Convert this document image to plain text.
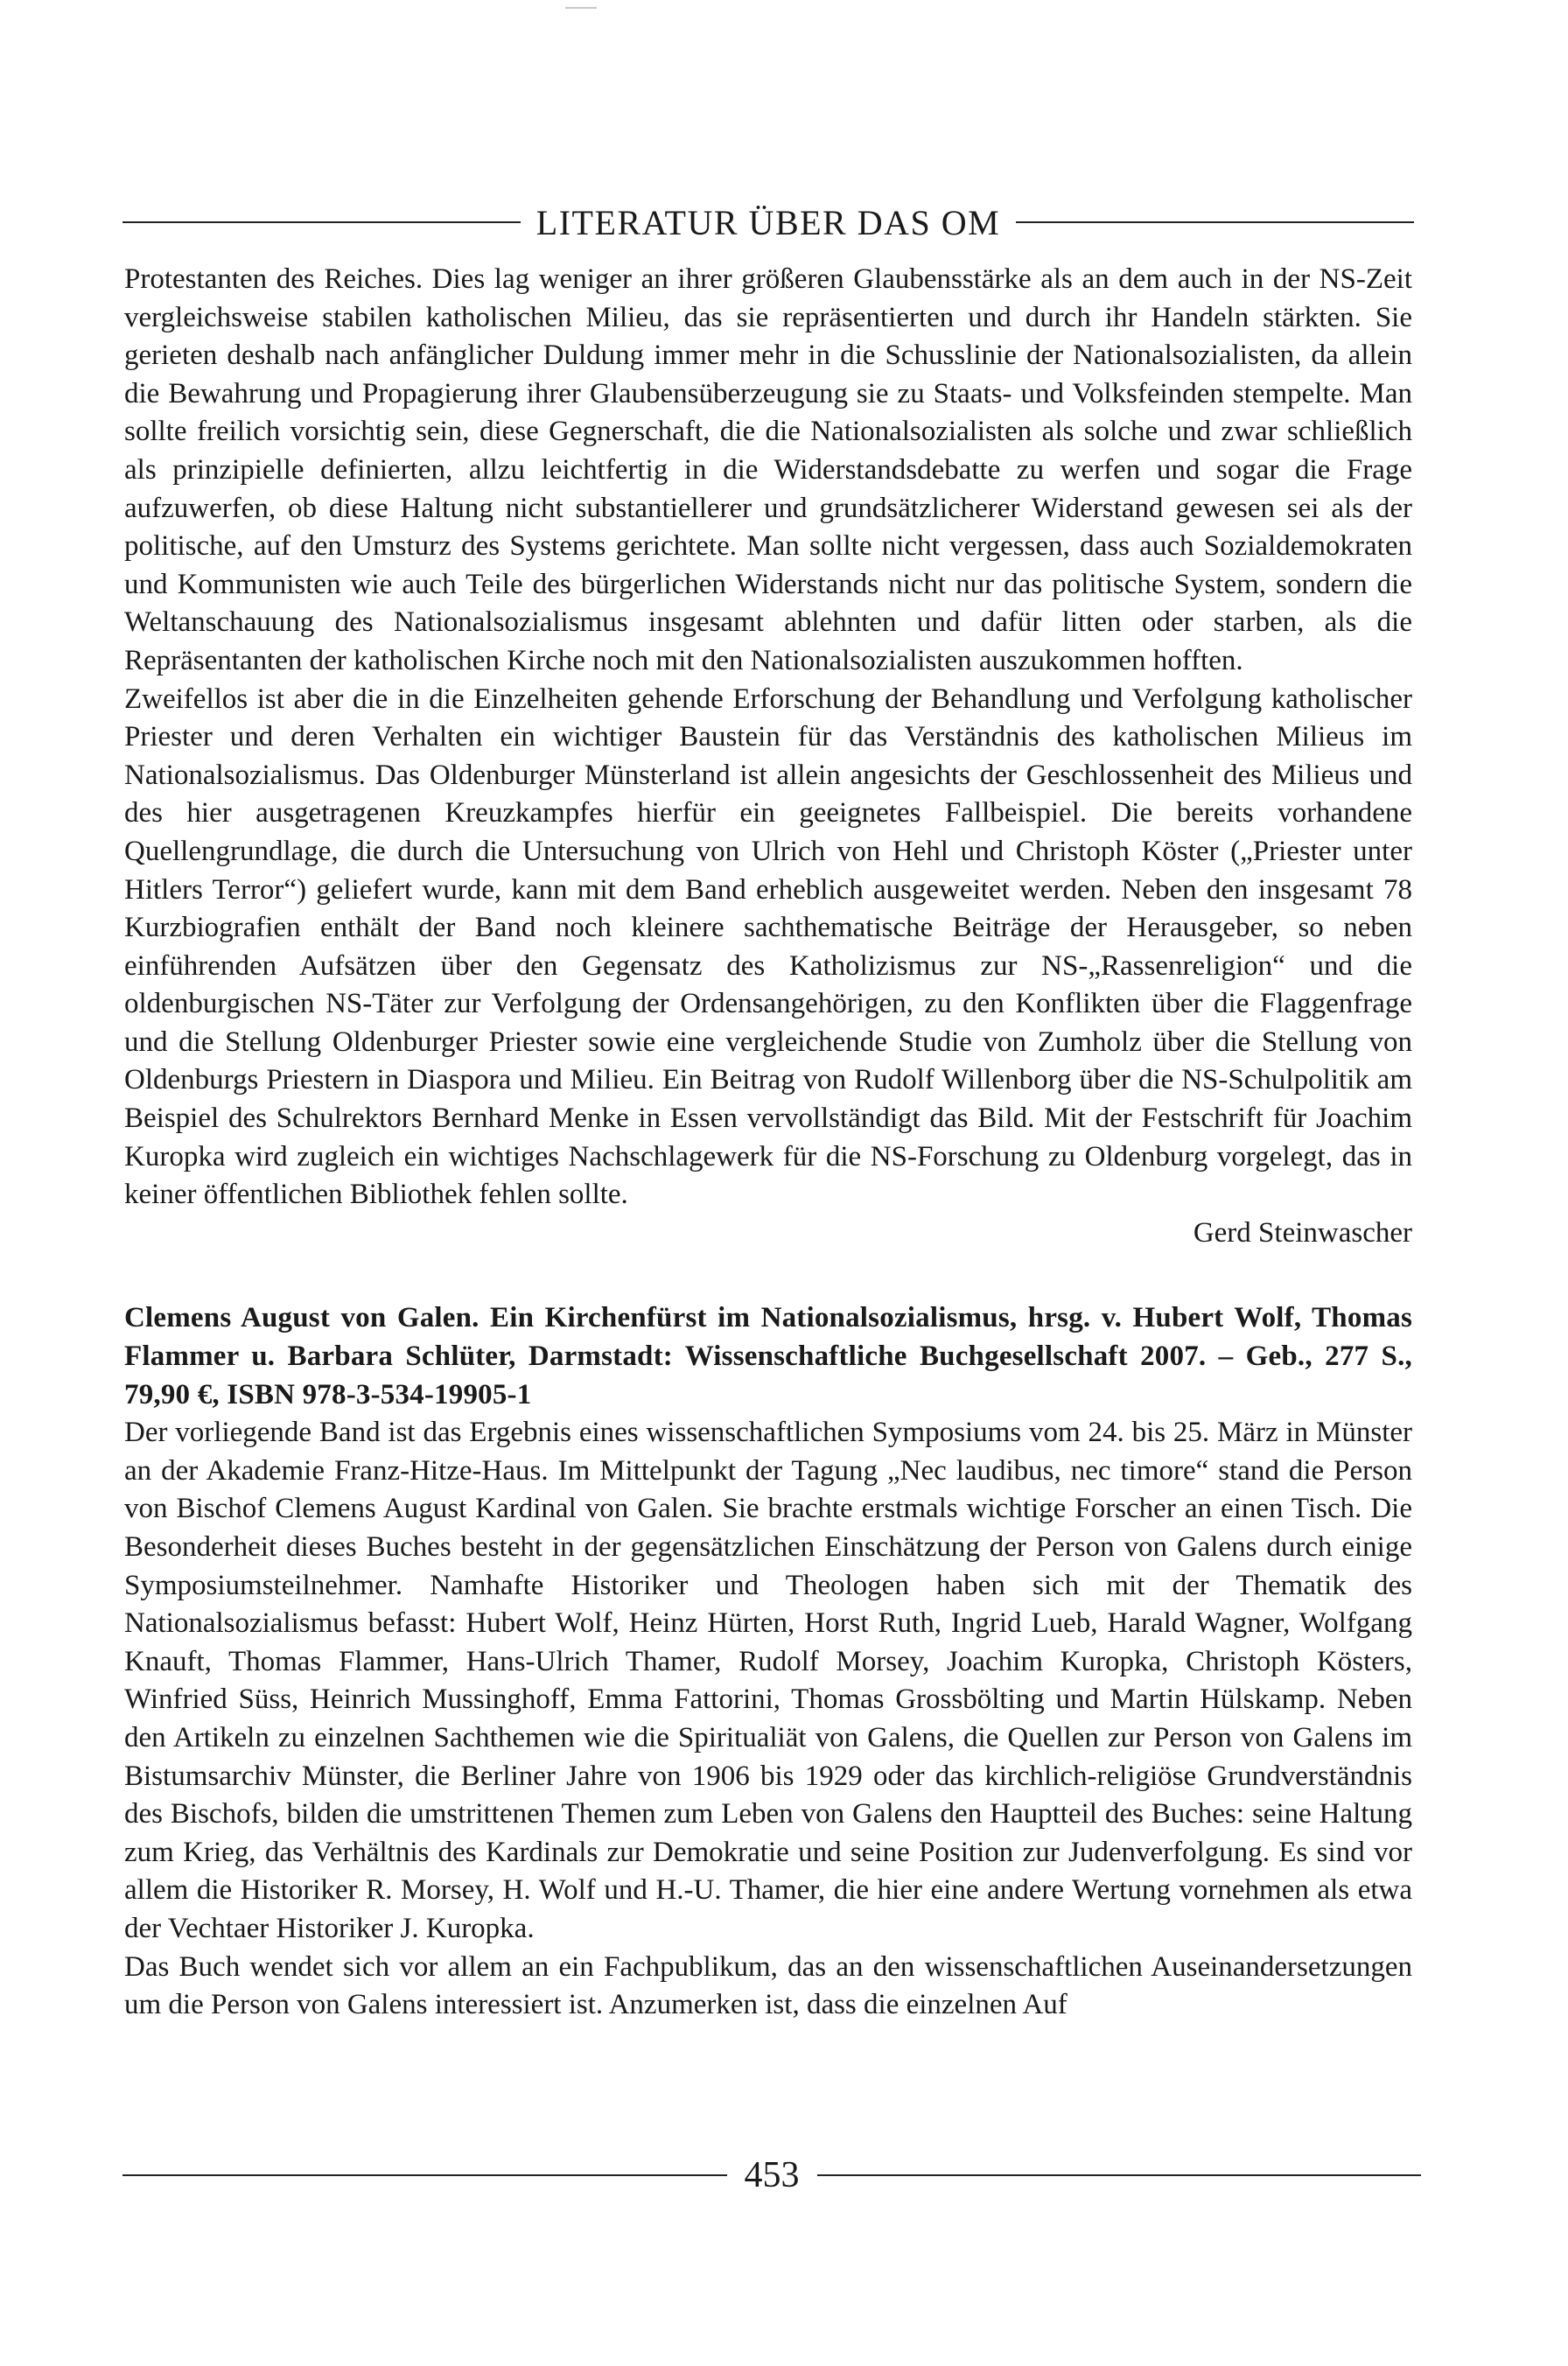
LITERATUR ÜBER DAS OM

Protestanten des Reiches. Dies lag weniger an ihrer größeren Glaubensstärke als an dem auch in der NS-Zeit vergleichsweise stabilen katholischen Milieu, das sie repräsentierten und durch ihr Handeln stärkten. Sie gerieten deshalb nach anfänglicher Duldung immer mehr in die Schusslinie der Nationalsozialisten, da allein die Bewahrung und Propagierung ihrer Glaubensüberzeugung sie zu Staats- und Volksfeinden stempelte. Man sollte freilich vorsichtig sein, diese Gegnerschaft, die die Nationalsozialisten als solche und zwar schließlich als prinzipielle definierten, allzu leichtfertig in die Widerstandsdebatte zu werfen und sogar die Frage aufzuwerfen, ob diese Haltung nicht substantiellerer und grundsätzlicherer Widerstand gewesen sei als der politische, auf den Umsturz des Systems gerichtete. Man sollte nicht vergessen, dass auch Sozialdemokraten und Kommunisten wie auch Teile des bürgerlichen Widerstands nicht nur das politische System, sondern die Weltanschauung des Nationalsozialismus insgesamt ablehnten und dafür litten oder starben, als die Repräsentanten der katholischen Kirche noch mit den Nationalsozialisten auszukommen hofften.

Zweifellos ist aber die in die Einzelheiten gehende Erforschung der Behandlung und Verfolgung katholischer Priester und deren Verhalten ein wichtiger Baustein für das Verständnis des katholischen Milieus im Nationalsozialismus. Das Oldenburger Münsterland ist allein angesichts der Geschlossenheit des Milieus und des hier ausgetragenen Kreuzkampfes hierfür ein geeignetes Fallbeispiel. Die bereits vorhandene Quellengrundlage, die durch die Untersuchung von Ulrich von Hehl und Christoph Köster („Priester unter Hitlers Terror“) geliefert wurde, kann mit dem Band erheblich ausgeweitet werden. Neben den insgesamt 78 Kurzbiografien enthält der Band noch kleinere sachthematische Beiträge der Herausgeber, so neben einführenden Aufsätzen über den Gegensatz des Katholizismus zur NS-„Rassenreligion“ und die oldenburgischen NS-Täter zur Verfolgung der Ordensangehörigen, zu den Konflikten über die Flaggenfrage und die Stellung Oldenburger Priester sowie eine vergleichende Studie von Zumholz über die Stellung von Oldenburgs Priestern in Diaspora und Milieu. Ein Beitrag von Rudolf Willenborg über die NS-Schulpolitik am Beispiel des Schulrektors Bernhard Menke in Essen vervollständigt das Bild. Mit der Festschrift für Joachim Kuropka wird zugleich ein wichtiges Nachschlagewerk für die NS-Forschung zu Oldenburg vorgelegt, das in keiner öffentlichen Bibliothek fehlen sollte.

Gerd Steinwascher

Clemens August von Galen. Ein Kirchenfürst im Nationalsozialismus, hrsg. v. Hubert Wolf, Thomas Flammer u. Barbara Schlüter, Darmstadt: Wissenschaftliche Buchgesellschaft 2007. – Geb., 277 S., 79,90 €, ISBN 978-3-534-19905-1

Der vorliegende Band ist das Ergebnis eines wissenschaftlichen Symposiums vom 24. bis 25. März in Münster an der Akademie Franz-Hitze-Haus. Im Mittelpunkt der Tagung „Nec laudibus, nec timore“ stand die Person von Bischof Clemens August Kardinal von Galen. Sie brachte erstmals wichtige Forscher an einen Tisch. Die Besonderheit dieses Buches besteht in der gegensätzlichen Einschätzung der Person von Galens durch einige Symposiumsteilnehmer. Namhafte Historiker und Theologen haben sich mit der Thematik des Nationalsozialismus befasst: Hubert Wolf, Heinz Hürten, Horst Ruth, Ingrid Lueb, Harald Wagner, Wolfgang Knauft, Thomas Flammer, Hans-Ulrich Thamer, Rudolf Morsey, Joachim Kuropka, Christoph Kösters, Winfried Süss, Heinrich Mussinghoff, Emma Fattorini, Thomas Grossbölting und Martin Hülskamp. Neben den Artikeln zu einzelnen Sachthemen wie die Spiritualiät von Galens, die Quellen zur Person von Galens im Bistumsarchiv Münster, die Berliner Jahre von 1906 bis 1929 oder das kirchlich-religiöse Grundverständnis des Bischofs, bilden die umstrittenen Themen zum Leben von Galens den Hauptteil des Buches: seine Haltung zum Krieg, das Verhältnis des Kardinals zur Demokratie und seine Position zur Judenverfolgung. Es sind vor allem die Historiker R. Morsey, H. Wolf und H.-U. Thamer, die hier eine andere Wertung vornehmen als etwa der Vechtaer Historiker J. Kuropka.

Das Buch wendet sich vor allem an ein Fachpublikum, das an den wissenschaftlichen Auseinandersetzungen um die Person von Galens interessiert ist. Anzumerken ist, dass die einzelnen Auf

453
